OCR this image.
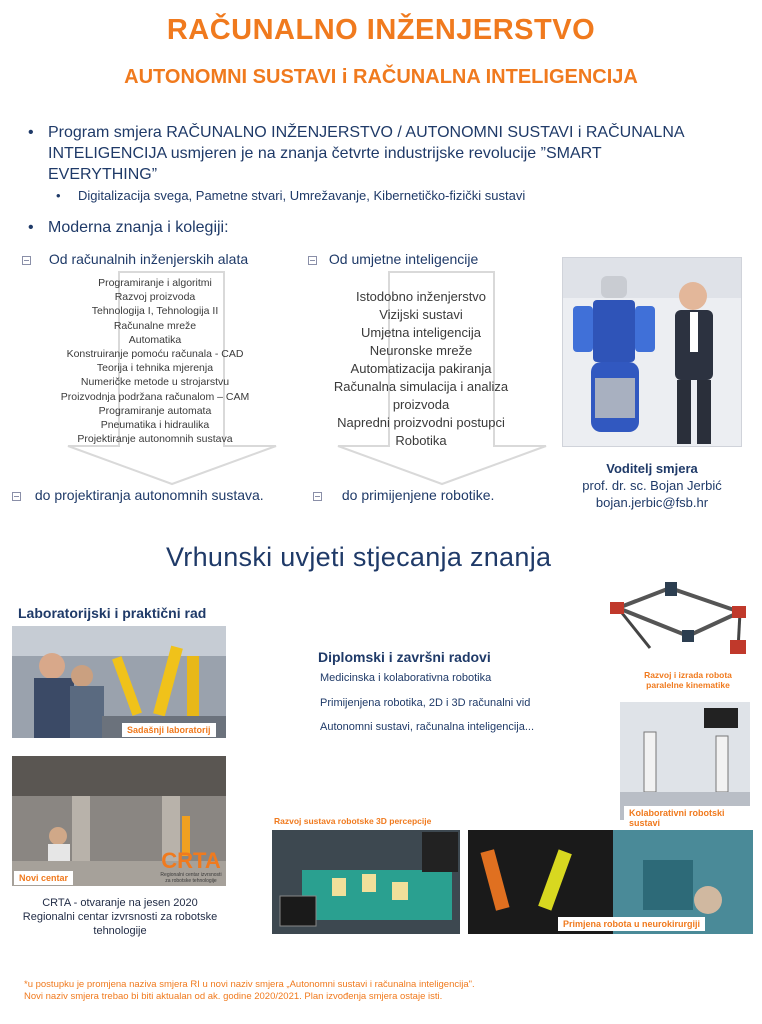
RAČUNALNO INŽENJERSTVO
AUTONOMNI SUSTAVI i RAČUNALNA INTELIGENCIJA
• Program smjera RAČUNALNO INŽENJERSTVO / AUTONOMNI SUSTAVI i RAČUNALNA INTELIGENCIJA usmjeren je na znanja četvrte industrijske revolucije ”SMART EVERYTHING”
• Digitalizacija svega, Pametne stvari, Umrežavanje, Kibernetičko-fizički sustavi
• Moderna znanja i kolegiji:
Od računalnih inženjerskih alata
Programiranje i algoritmi
Razvoj proizvoda
Tehnologija I, Tehnologija II
Računalne mreže
Automatika
Konstruiranje pomoću računala - CAD
Teorija i tehnika mjerenja
Numeričke metode u strojarstvu
Proizvodnja podržana računalom – CAM
Programiranje automata
Pneumatika i hidraulika
Projektiranje autonomnih sustava
do projektiranja autonomnih sustava.
Od umjetne inteligencije
Istodobno inženjerstvo
Vizijski sustavi
Umjetna inteligencija
Neuronske mreže
Automatizacija pakiranja
Računalna simulacija i analiza
proizvoda
Napredni proizvodni postupci
Robotika
do primijenjene robotike.
Voditelj smjera
prof. dr. sc. Bojan Jerbić
bojan.jerbic@fsb.hr
Vrhunski uvjeti stjecanja znanja
Laboratorijski i praktični rad
Sadašnji laboratorij
CRTA
Regionalni centar izvrsnosti za robotske tehnologije
Novi centar
CRTA - otvaranje na jesen 2020 Regionalni centar izvrsnosti za robotske tehnologije
Diplomski i završni radovi
Medicinska i kolaborativna robotika
Primijenjena robotika, 2D i 3D računalni vid
Autonomni sustavi, računalna inteligencija...
Razvoj i izrada robota paralelne kinematike
Kolaborativni robotski sustavi
Razvoj sustava robotske 3D percepcije
Primjena robota u neurokirurgiji
*u postupku je promjena naziva smjera RI u novi naziv smjera „Autonomni sustavi i računalna inteligencija".
Novi naziv smjera trebao bi biti aktualan od ak. godine 2020/2021. Plan izvođenja smjera ostaje isti.
